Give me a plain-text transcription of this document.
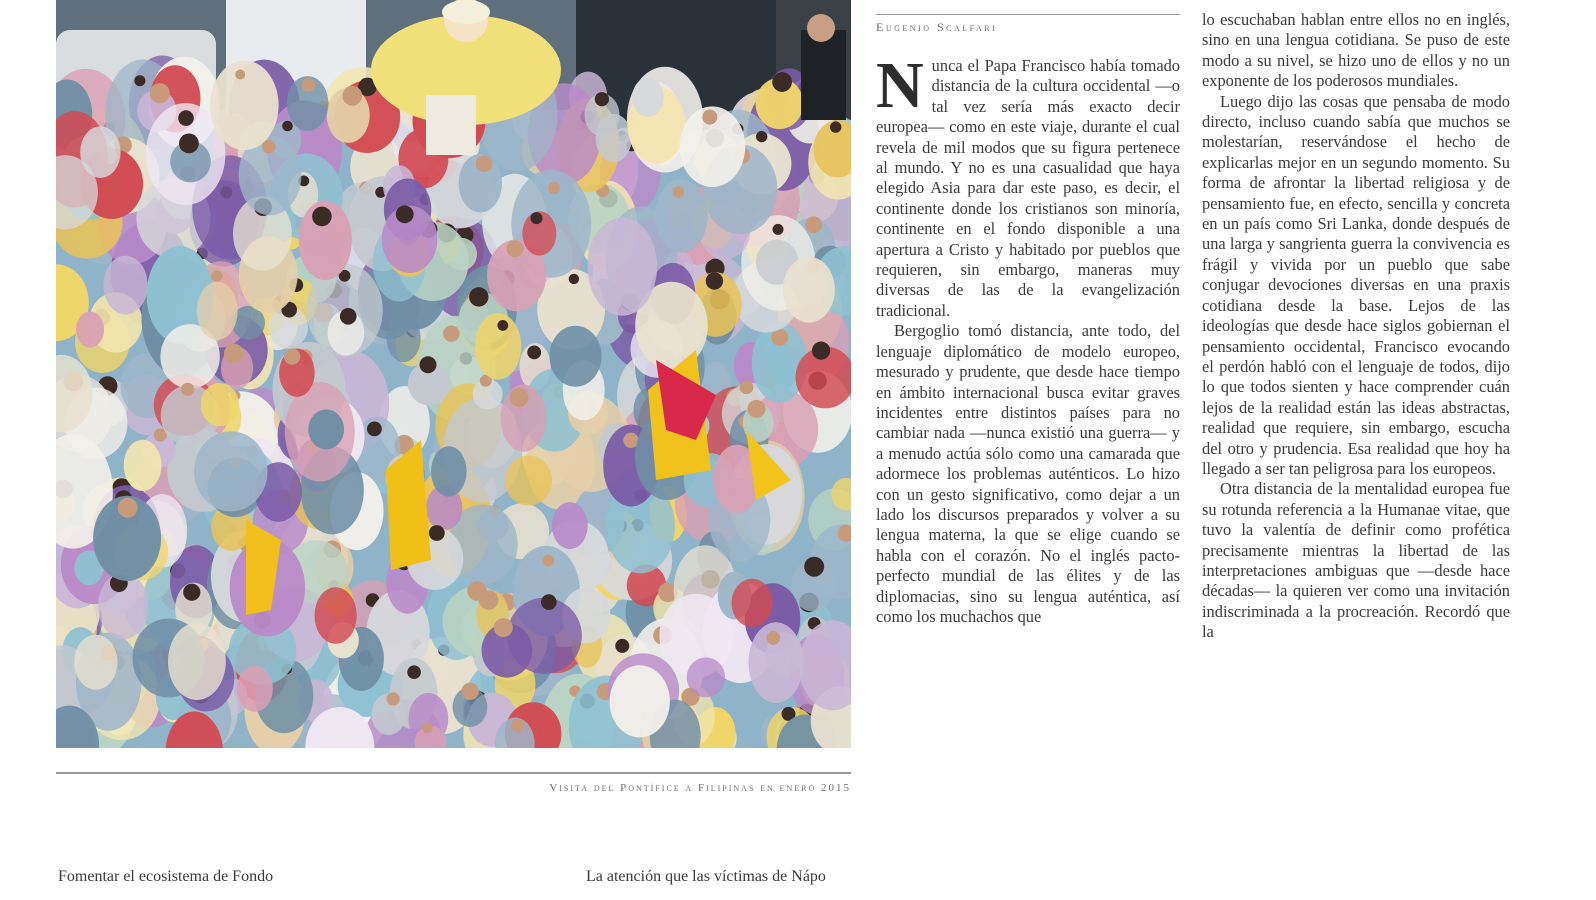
Visita del Pontífice a Filipinas en enero 2015
Eugenio Scalfari

Nunca el Papa Francisco había tomado distancia de la cultura occidental —o tal vez sería más exacto decir europea— como en este viaje, durante el cual revela de mil modos que su figura pertenece al mundo. Y no es una casualidad que haya elegido Asia para dar este paso, es decir, el continente donde los cristianos son minoría, continente en el fondo disponible a una apertura a Cristo y habitado por pueblos que requieren, sin embargo, maneras muy diversas de las de la evangelización tradicional.

Bergoglio tomó distancia, ante todo, del lenguaje diplomático de modelo europeo, mesurado y prudente, que desde hace tiempo en ámbito internacional busca evitar graves incidentes entre distintos países para no cambiar nada —nunca existió una guerra— y a menudo actúa sólo como una camarada que adormece los problemas auténticos. Lo hizo con un gesto significativo, como dejar a un lado los discursos preparados y volver a su lengua materna, la que se elige cuando se habla con el corazón. No el inglés pacto-perfecto mundial de las élites y de las diplomacias, sino su lengua auténtica, así como los muchachos que

lo escuchaban hablan entre ellos no en inglés, sino en una lengua cotidiana. Se puso de este modo a su nivel, se hizo uno de ellos y no un exponente de los poderosos mundiales.

Luego dijo las cosas que pensaba de modo directo, incluso cuando sabía que muchos se molestarían, reservándose el hecho de explicarlas mejor en un segundo momento. Su forma de afrontar la libertad religiosa y de pensamiento fue, en efecto, sencilla y concreta en un país como Sri Lanka, donde después de una larga y sangrienta guerra la convivencia es frágil y vivida por un pueblo que sabe conjugar devociones diversas en una praxis cotidiana desde la base. Lejos de las ideologías que desde hace siglos gobiernan el pensamiento occidental, Francisco evocando el perdón habló con el lenguaje de todos, dijo lo que todos sienten y hace comprender cuán lejos de la realidad están las ideas abstractas, realidad que requiere, sin embargo, escucha del otro y prudencia. Esa realidad que hoy ha llegado a ser tan peligrosa para los europeos.

Otra distancia de la mentalidad europea fue su rotunda referencia a la Humanae vitae, que tuvo la valentía de definir como profética precisamente mientras la libertad de las interpretaciones ambiguas que —desde hace décadas— la quieren ver como una invitación indiscriminada a la procreación. Recordó que la

Fomentar el ecosistema de Fondo	La atención que las víctimas de Nápo
